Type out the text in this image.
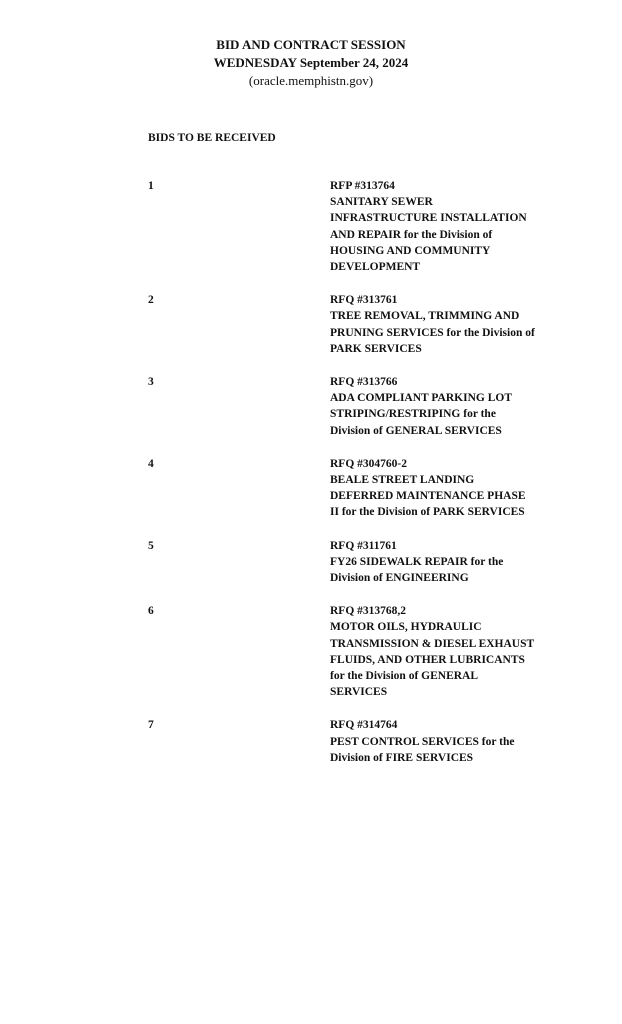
BID AND CONTRACT SESSION
WEDNESDAY September 24, 2024
(oracle.memphistn.gov)
BIDS TO BE RECEIVED
1	RFP #313764
SANITARY SEWER
INFRASTRUCTURE INSTALLATION
AND REPAIR for the Division of
HOUSING AND COMMUNITY
DEVELOPMENT
2	RFQ #313761
TREE REMOVAL, TRIMMING AND
PRUNING SERVICES for the Division of
PARK SERVICES
3	RFQ #313766
ADA COMPLIANT PARKING LOT
STRIPING/RESTRIPING for the
Division of GENERAL SERVICES
4	RFQ #304760-2
BEALE STREET LANDING
DEFERRED MAINTENANCE PHASE
II for the Division of PARK SERVICES
5	RFQ #311761
FY26 SIDEWALK REPAIR for the
Division of ENGINEERING
6	RFQ #313768,2
MOTOR OILS, HYDRAULIC
TRANSMISSION & DIESEL EXHAUST
FLUIDS, AND OTHER LUBRICANTS
for the Division of GENERAL
SERVICES
7	RFQ #314764
PEST CONTROL SERVICES for the
Division of FIRE SERVICES
